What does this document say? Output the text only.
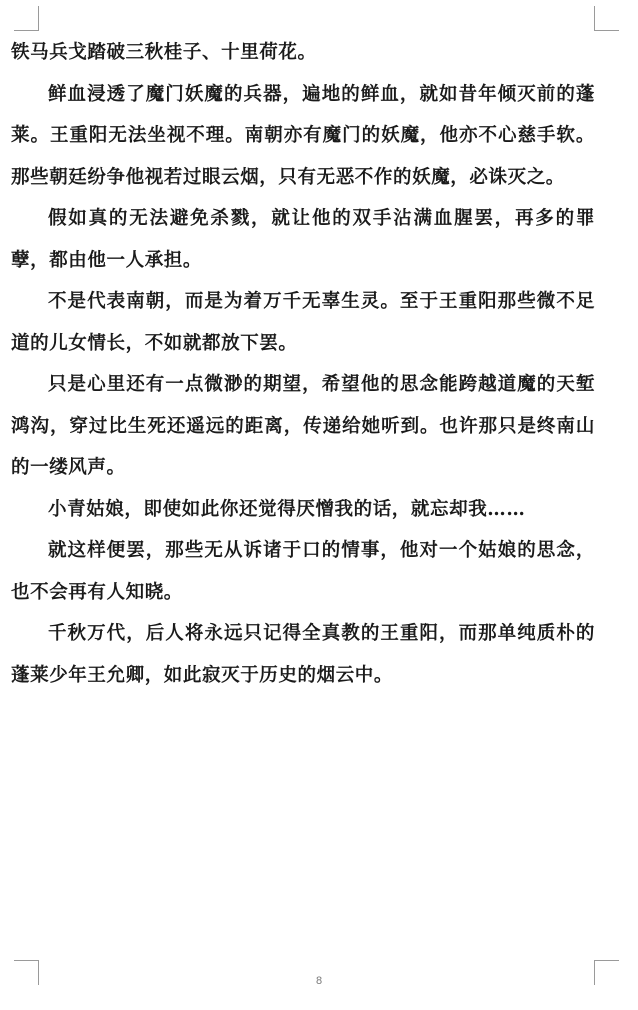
铁马兵戈踏破三秋桂子、十里荷花。

鲜血浸透了魔门妖魔的兵器，遍地的鲜血，就如昔年倾灭前的蓬莱。王重阳无法坐视不理。南朝亦有魔门的妖魔，他亦不心慈手软。那些朝廷纷争他视若过眼云烟，只有无恶不作的妖魔，必诛灭之。

假如真的无法避免杀戮，就让他的双手沾满血腥罢，再多的罪孽，都由他一人承担。

不是代表南朝，而是为着万千无辜生灵。至于王重阳那些微不足道的儿女情长，不如就都放下罢。

只是心里还有一点微渺的期望，希望他的思念能跨越道魔的天堑鸿沟，穿过比生死还遥远的距离，传递给她听到。也许那只是终南山的一缕风声。

小青姑娘，即使如此你还觉得厌憎我的话，就忘却我……

就这样便罢，那些无从诉诸于口的情事，他对一个姑娘的思念，也不会再有人知晓。

千秋万代，后人将永远只记得全真教的王重阳，而那单纯质朴的蓬莱少年王允卿，如此寂灭于历史的烟云中。

8
